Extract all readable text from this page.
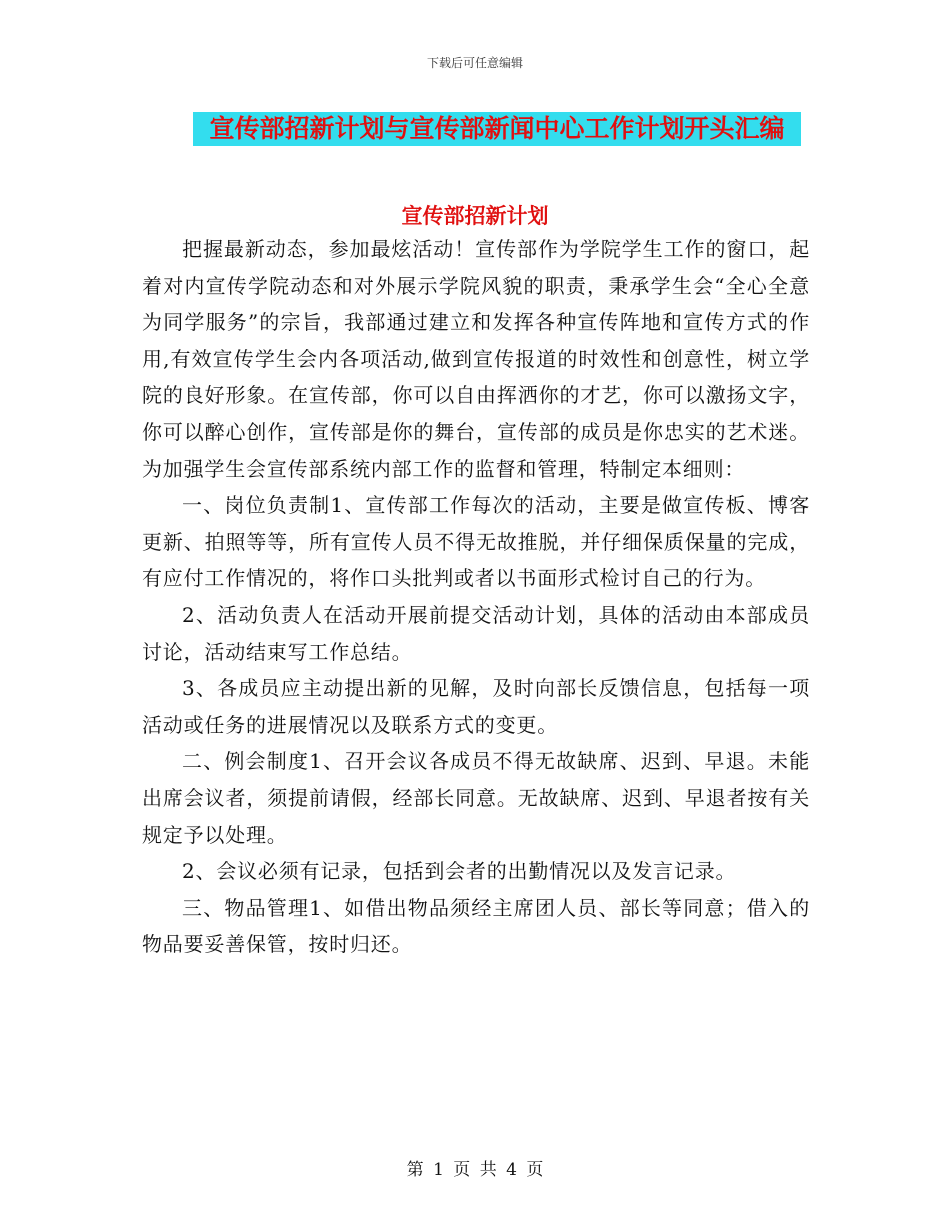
下载后可任意编辑
宣传部招新计划与宣传部新闻中心工作计划开头汇编
宣传部招新计划

把握最新动态，参加最炫活动！宣传部作为学院学生工作的窗口，起着对内宣传学院动态和对外展示学院风貌的职责，秉承学生会“全心全意为同学服务”的宗旨，我部通过建立和发挥各种宣传阵地和宣传方式的作用,有效宣传学生会内各项活动,做到宣传报道的时效性和创意性，树立学院的良好形象。在宣传部，你可以自由挥洒你的才艺，你可以激扬文字，你可以醉心创作，宣传部是你的舞台，宣传部的成员是你忠实的艺术迷。为加强学生会宣传部系统内部工作的监督和管理，特制定本细则：

一、岗位负责制1、宣传部工作每次的活动，主要是做宣传板、博客更新、拍照等等，所有宣传人员不得无故推脱，并仔细保质保量的完成，有应付工作情况的，将作口头批判或者以书面形式检讨自己的行为。

2、活动负责人在活动开展前提交活动计划，具体的活动由本部成员讨论，活动结束写工作总结。

3、各成员应主动提出新的见解，及时向部长反馈信息，包括每一项活动或任务的进展情况以及联系方式的变更。

二、例会制度1、召开会议各成员不得无故缺席、迟到、早退。未能出席会议者，须提前请假，经部长同意。无故缺席、迟到、早退者按有关规定予以处理。

2、会议必须有记录，包括到会者的出勤情况以及发言记录。

三、物品管理1、如借出物品须经主席团人员、部长等同意；借入的物品要妥善保管，按时归还。

第 1 页 共 4 页
